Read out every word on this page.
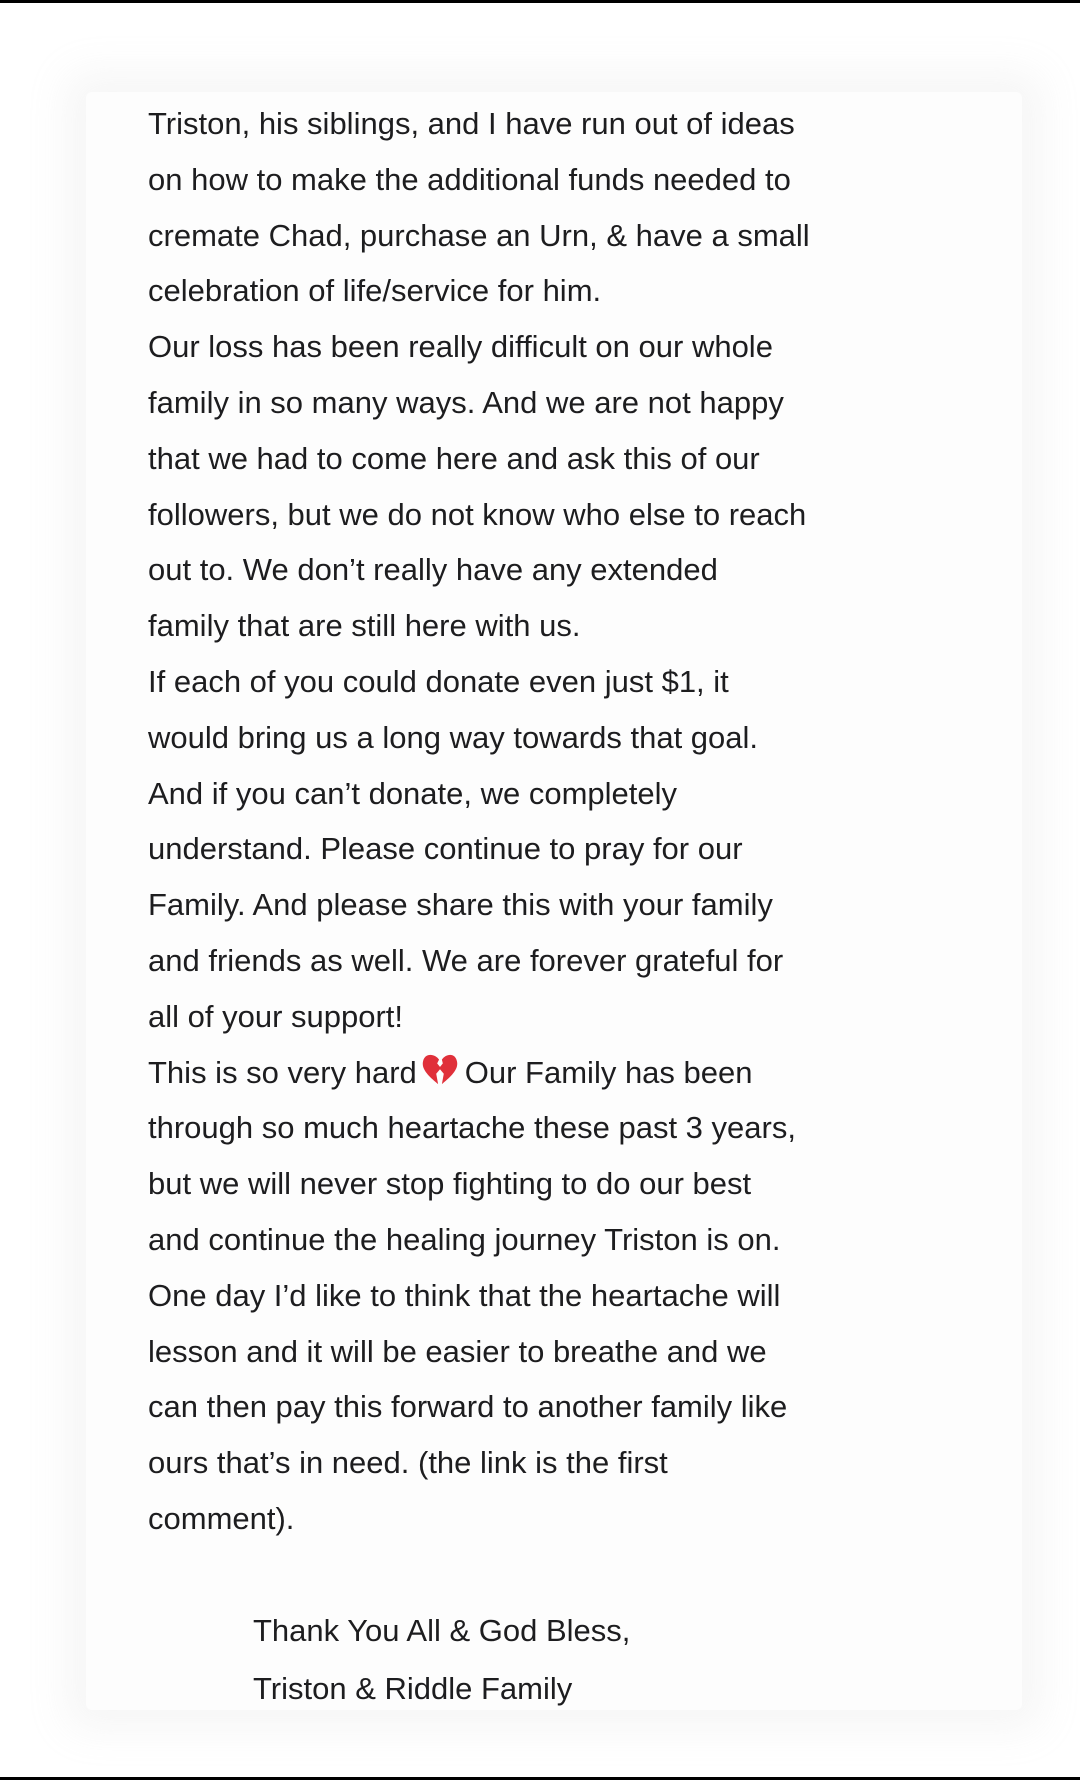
Triston, his siblings, and I have run out of ideas
on how to make the additional funds needed to
cremate Chad, purchase an Urn, & have a small
celebration of life/service for him.
Our loss has been really difficult on our whole
family in so many ways. And we are not happy
that we had to come here and ask this of our
followers, but we do not know who else to reach
out to. We don’t really have any extended
family that are still here with us.
If each of you could donate even just $1, it
would bring us a long way towards that goal.
And if you can’t donate, we completely
understand. Please continue to pray for our
Family. And please share this with your family
and friends as well. We are forever grateful for
all of your support!
This is so very hard Our Family has been
through so much heartache these past 3 years,
but we will never stop fighting to do our best
and continue the healing journey Triston is on.
One day I’d like to think that the heartache will
lesson and it will be easier to breathe and we
can then pay this forward to another family like
ours that’s in need. (the link is the first
comment).
Thank You All & God Bless,
Triston & Riddle Family
